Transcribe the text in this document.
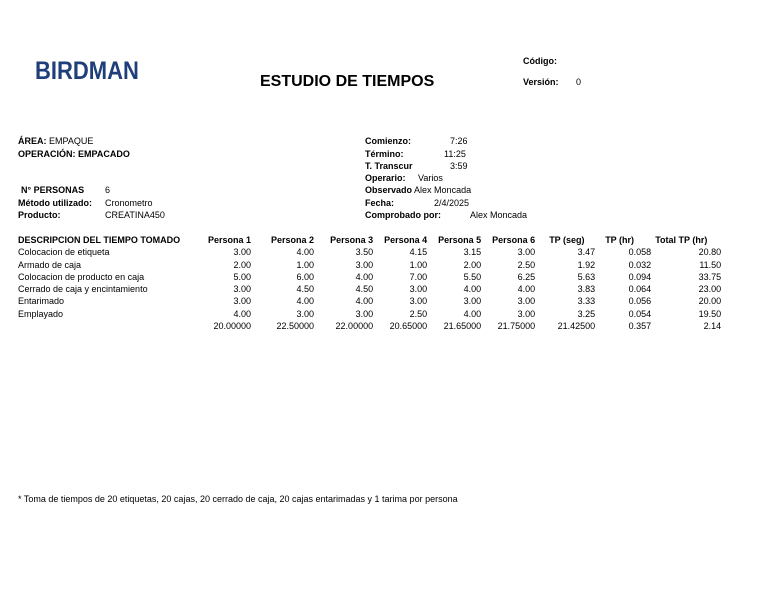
BIRDMAN	ESTUDIO DE TIEMPOS
Código:
Versión: 0
ÁREA: EMPAQUE
OPERACIÓN: EMPACADO
N° PERSONAS 6
Método utilizado: Cronometro
Producto:	CREATINA450
Comienzo:	7:26
Término:	11:25
T. Transcur	3:59
Operario: Varios
Observado Alex Moncada
Fecha:	2/4/2025
Comprobado por:	Alex Moncada
DESCRIPCION DEL TIEMPO TOMADO	Persona 1	Persona 2	Persona 3	Persona 4	Persona 5	Persona 6	TP (seg)	TP (hr)	Total TP (hr)
Colocacion de etiqueta	3.00	4.00	3.50	4.15	3.15	3.00	3.47	0.058	20.80
Armado de caja	2.00	1.00	3.00	1.00	2.00	2.50	1.92	0.032	11.50
Colocacion de producto en caja	5.00	6.00	4.00	7.00	5.50	6.25	5.63	0.094	33.75
Cerrado de caja y encintamiento	3.00	4.50	4.50	3.00	4.00	4.00	3.83	0.064	23.00
Entarimado	3.00	4.00	4.00	3.00	3.00	3.00	3.33	0.056	20.00
Emplayado	4.00	3.00	3.00	2.50	4.00	3.00	3.25	0.054	19.50
	20.00000	22.50000	22.00000	20.65000	21.65000	21.75000	21.42500	0.357	2.14
* Toma de tiempos de 20 etiquetas, 20 cajas, 20 cerrado de caja, 20 cajas entarimadas y 1 tarima por persona
